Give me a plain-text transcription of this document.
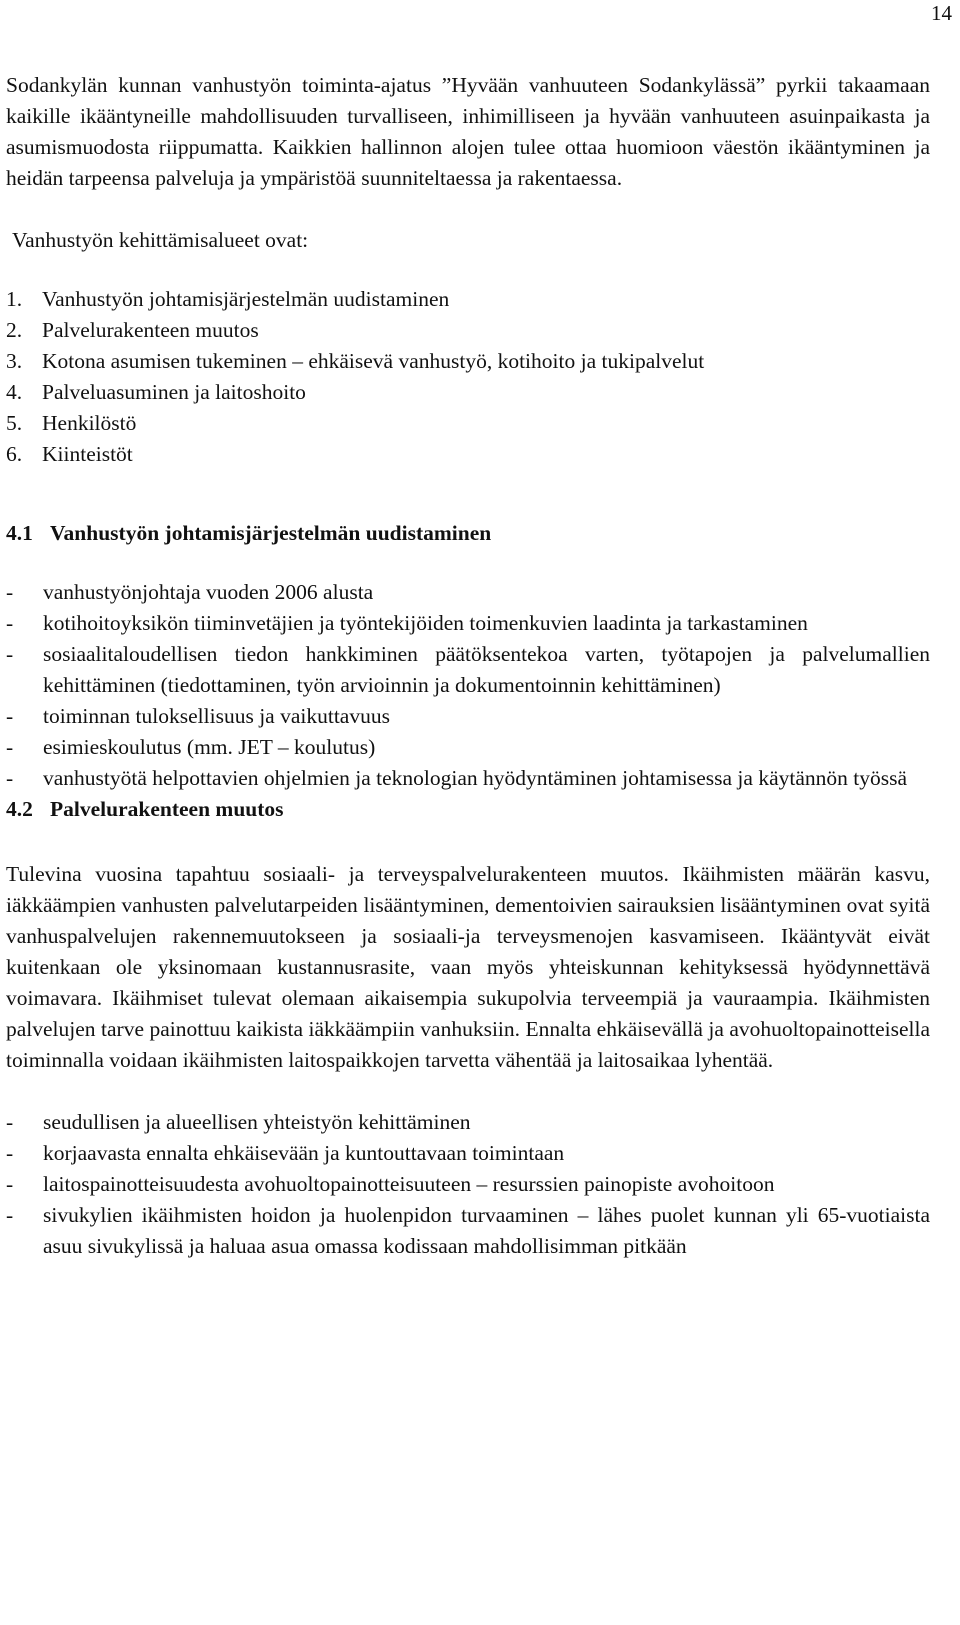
14

Sodankylän kunnan vanhustyön toiminta-ajatus ”Hyvään vanhuuteen Sodankylässä” pyrkii takaamaan kaikille ikääntyneille mahdollisuuden turvalliseen, inhimilliseen ja hyvään vanhuuteen asuinpaikasta ja asumismuodosta riippumatta. Kaikkien hallinnon alojen tulee ottaa huomioon väestön ikääntyminen ja heidän tarpeensa palveluja ja ympäristöä suunniteltaessa ja rakentaessa.

Vanhustyön kehittämisalueet ovat:
1. Vanhustyön johtamisjärjestelmän uudistaminen
2. Palvelurakenteen muutos
3. Kotona asumisen tukeminen – ehkäisevä vanhustyö, kotihoito ja tukipalvelut
4. Palveluasuminen ja laitoshoito
5. Henkilöstö
6. Kiinteistöt
4.1 Vanhustyön johtamisjärjestelmän uudistaminen
-	vanhustyönjohtaja vuoden 2006 alusta
-	kotihoitoyksikön tiiminvetäjien ja työntekijöiden toimenkuvien laadinta ja tarkastaminen
-	sosiaalitaloudellisen tiedon hankkiminen päätöksentekoa varten, työtapojen ja palvelumallien kehittäminen (tiedottaminen, työn arvioinnin ja dokumentoinnin kehittäminen)
-	toiminnan tuloksellisuus ja vaikuttavuus
-	esimieskoulutus (mm. JET – koulutus)
-	vanhustyötä helpottavien ohjelmien ja teknologian hyödyntäminen johtamisessa ja käytännön työssä
4.2 Palvelurakenteen muutos

Tulevina vuosina tapahtuu sosiaali- ja terveyspalvelurakenteen muutos. Ikäihmisten määrän kasvu, iäkkäämpien vanhusten palvelutarpeiden lisääntyminen, dementoivien sairauksien lisääntyminen ovat syitä vanhuspalvelujen rakennemuutokseen ja sosiaali-ja terveysmenojen kasvamiseen. Ikääntyvät eivät kuitenkaan ole yksinomaan kustannusrasite, vaan myös yhteiskunnan kehityksessä hyödynnettävä voimavara. Ikäihmiset tulevat olemaan aikaisempia sukupolvia terveempiä ja vauraampia. Ikäihmisten palvelujen tarve painottuu kaikista iäkkäämpiin vanhuksiin. Ennalta ehkäisevällä ja avohuoltopainotteisella toiminnalla voidaan ikäihmisten laitospaikkojen tarvetta vähentää ja laitosaikaa lyhentää.

-	seudullisen ja alueellisen yhteistyön kehittäminen
-	korjaavasta ennalta ehkäisevään ja kuntouttavaan toimintaan
-	laitospainotteisuudesta avohuoltopainotteisuuteen – resurssien painopiste avohoitoon
-	sivukylien ikäihmisten hoidon ja huolenpidon turvaaminen – lähes puolet kunnan yli 65-vuotiaista asuu sivukylissä ja haluaa asua omassa kodissaan mahdollisimman pitkään
